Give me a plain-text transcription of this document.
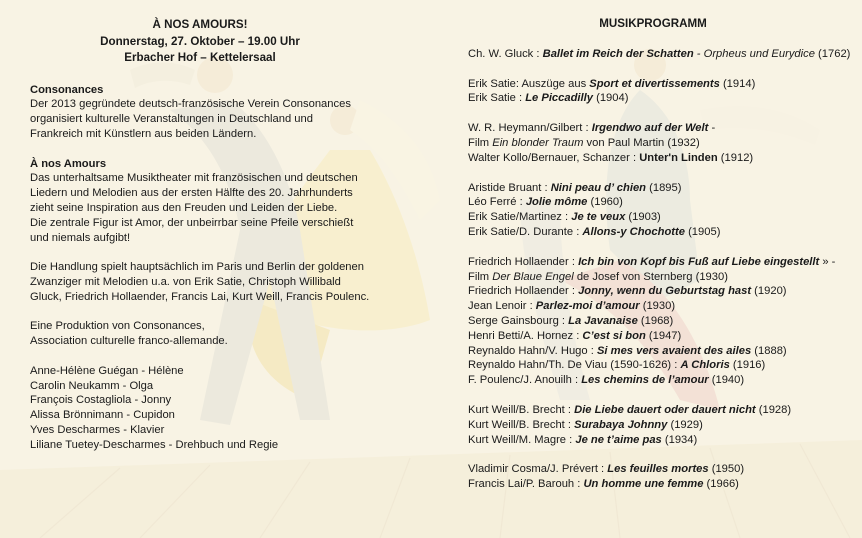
À NOS AMOURS!
Donnerstag, 27. Oktober – 19.00 Uhr
Erbacher Hof – Kettelersaal
Consonances

Der 2013 gegründete deutsch-französische Verein Consonances

organisiert kulturelle Veranstaltungen in Deutschland und

Frankreich mit Künstlern aus beiden Ländern.

À nos Amours

Das unterhaltsame Musiktheater mit französischen und deutschen

Liedern und Melodien aus der ersten Hälfte des 20. Jahrhunderts

zieht seine Inspiration aus den Freuden und Leiden der Liebe.

Die zentrale Figur ist Amor, der unbeirrbar seine Pfeile verschießt

und niemals aufgibt!

Die Handlung spielt hauptsächlich im Paris und Berlin der goldenen

Zwanziger mit Melodien u.a. von Erik Satie, Christoph Willibald

Gluck, Friedrich Hollaender, Francis Lai, Kurt Weill, Francis Poulenc.

Eine Produktion von Consonances,

Association culturelle franco-allemande.

Anne-Hélène Guégan - Hélène

Carolin Neukamm - Olga

François Costagliola - Jonny

Alissa Brönnimann - Cupidon

Yves Descharmes - Klavier

Liliane Tuetey-Descharmes - Drehbuch und Regie

MUSIKPROGRAMM
Ch. W. Gluck : Ballet im Reich der Schatten - Orpheus und Eurydice (1762)
Erik Satie: Auszüge aus Sport et divertissements (1914)
Erik Satie : Le Piccadilly (1904)
W. R. Heymann/Gilbert : Irgendwo auf der Welt -
Film Ein blonder Traum von Paul Martin (1932)
Walter Kollo/Bernauer, Schanzer : Unter'n Linden (1912)
Aristide Bruant : Nini peau d’ chien (1895)
Léo Ferré : Jolie môme (1960)
Erik Satie/Martinez : Je te veux (1903)
Erik Satie/D. Durante : Allons-y Chochotte (1905)
Friedrich Hollaender : Ich bin von Kopf bis Fuß auf Liebe eingestellt » -
Film Der Blaue Engel de Josef von Sternberg (1930)
Friedrich Hollaender : Jonny, wenn du Geburtstag hast (1920)
Jean Lenoir : Parlez-moi d’amour (1930)
Serge Gainsbourg : La Javanaise (1968)
Henri Betti/A. Hornez : C’est si bon (1947)
Reynaldo Hahn/V. Hugo : Si mes vers avaient des ailes (1888)
Reynaldo Hahn/Th. De Viau (1590-1626) : A Chloris (1916)
F. Poulenc/J. Anouilh : Les chemins de l’amour (1940)
Kurt Weill/B. Brecht : Die Liebe dauert oder dauert nicht (1928)
Kurt Weill/B. Brecht : Surabaya Johnny (1929)
Kurt Weill/M. Magre : Je ne t’aime pas (1934)
Vladimir Cosma/J. Prévert : Les feuilles mortes (1950)
Francis Lai/P. Barouh : Un homme une femme (1966)
